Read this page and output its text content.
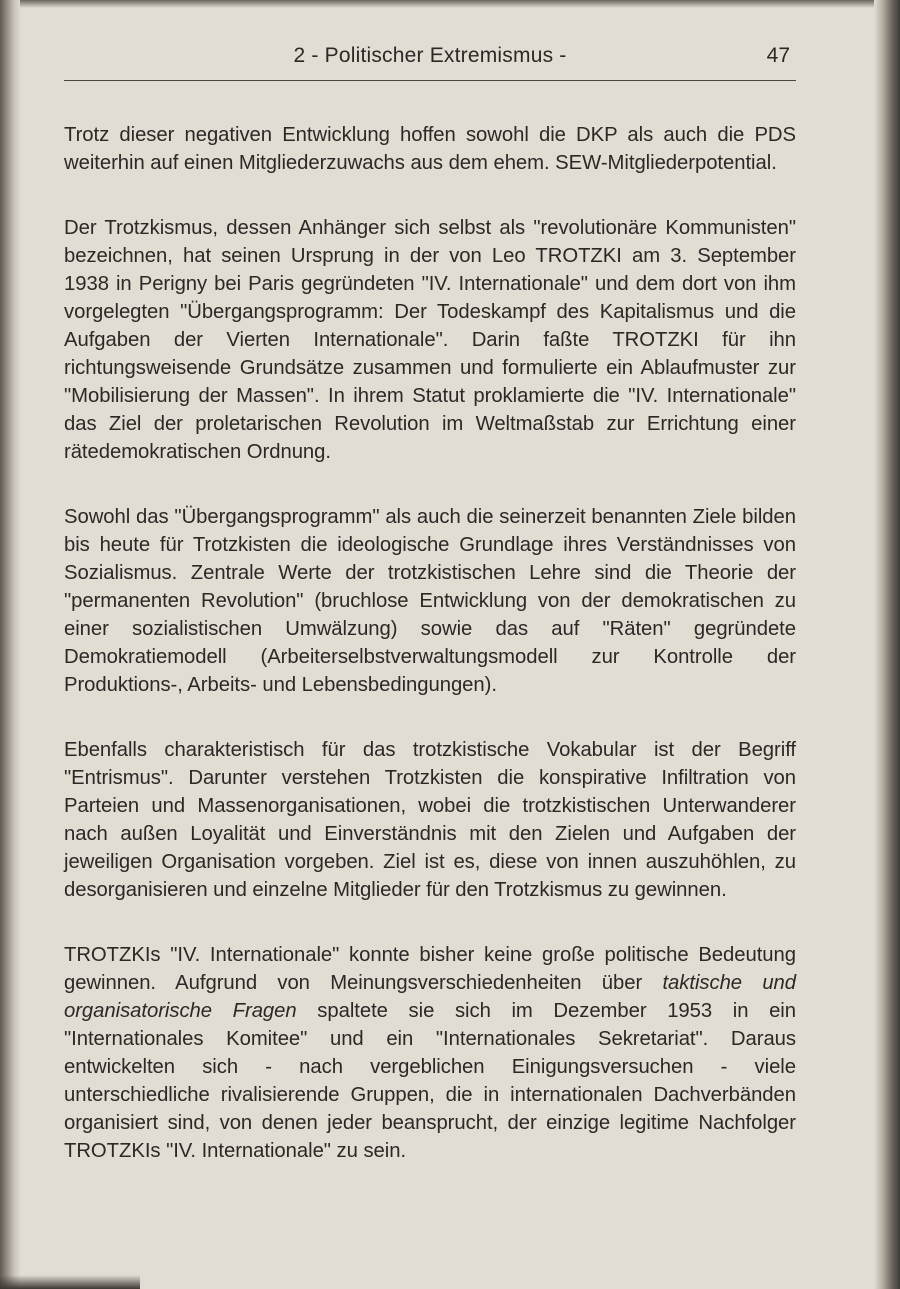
2 - Politischer Extremismus -	47

Trotz dieser negativen Entwicklung hoffen sowohl die DKP als auch die PDS weiterhin auf einen Mitgliederzuwachs aus dem ehem. SEW-Mitgliederpotential.

Der Trotzkismus, dessen Anhänger sich selbst als "revolutionäre Kommunisten" bezeichnen, hat seinen Ursprung in der von Leo TROTZKI am 3. September 1938 in Perigny bei Paris gegründeten "IV. Internationale" und dem dort von ihm vorgelegten "Übergangsprogramm: Der Todeskampf des Kapitalismus und die Aufgaben der Vierten Internationale". Darin faßte TROTZKI für ihn richtungsweisende Grundsätze zusammen und formulierte ein Ablaufmuster zur "Mobilisierung der Massen". In ihrem Statut proklamierte die "IV. Internationale" das Ziel der proletarischen Revolution im Weltmaßstab zur Errichtung einer rätedemokratischen Ordnung.

Sowohl das "Übergangsprogramm" als auch die seinerzeit benannten Ziele bilden bis heute für Trotzkisten die ideologische Grundlage ihres Verständnisses von Sozialismus. Zentrale Werte der trotzkistischen Lehre sind die Theorie der "permanenten Revolution" (bruchlose Entwicklung von der demokratischen zu einer sozialistischen Umwälzung) sowie das auf "Räten" gegründete Demokratiemodell (Arbeiterselbstverwaltungsmodell zur Kontrolle der Produktions-, Arbeits- und Lebensbedingungen).

Ebenfalls charakteristisch für das trotzkistische Vokabular ist der Begriff "Entrismus". Darunter verstehen Trotzkisten die konspirative Infiltration von Parteien und Massenorganisationen, wobei die trotzkistischen Unterwanderer nach außen Loyalität und Einverständnis mit den Zielen und Aufgaben der jeweiligen Organisation vorgeben. Ziel ist es, diese von innen auszuhöhlen, zu desorganisieren und einzelne Mitglieder für den Trotzkismus zu gewinnen.

TROTZKIs "IV. Internationale" konnte bisher keine große politische Bedeutung gewinnen. Aufgrund von Meinungsverschiedenheiten über taktische und organisatorische Fragen spaltete sie sich im Dezember 1953 in ein "Internationales Komitee" und ein "Internationales Sekretariat". Daraus entwickelten sich - nach vergeblichen Einigungsversuchen - viele unterschiedliche rivalisierende Gruppen, die in internationalen Dachverbänden organisiert sind, von denen jeder beansprucht, der einzige legitime Nachfolger TROTZKIs "IV. Internationale" zu sein.
